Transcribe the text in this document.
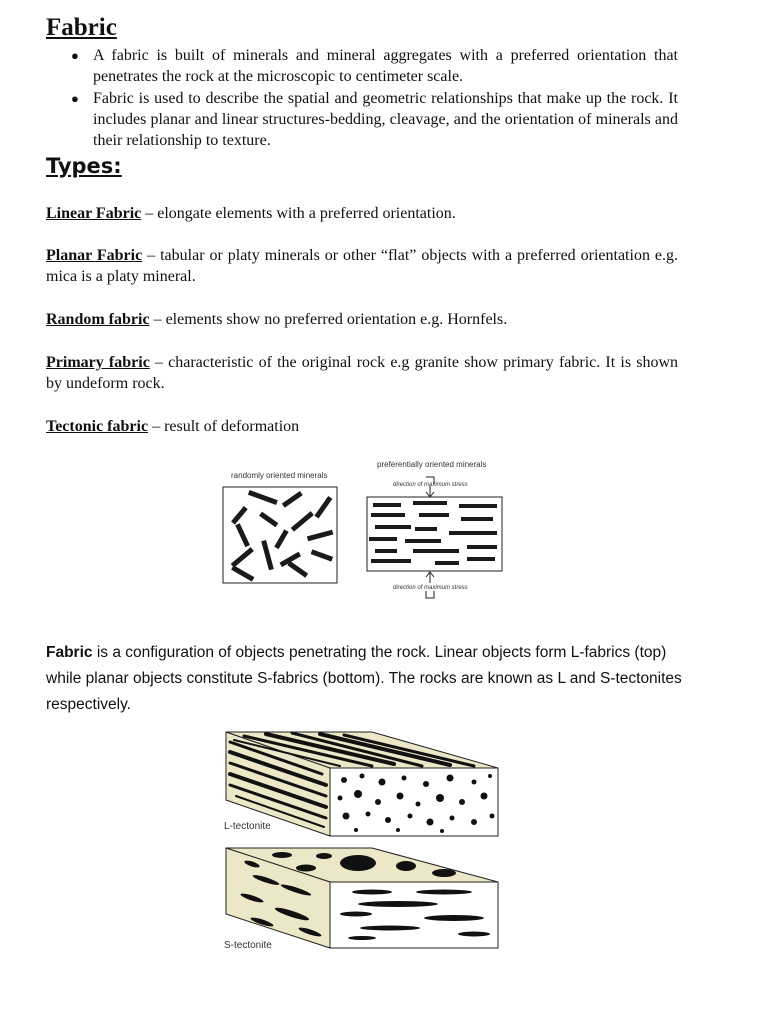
Fabric
● A fabric is built of minerals and mineral aggregates with a preferred orientation that penetrates the rock at the microscopic to centimeter scale.
● Fabric is used to describe the spatial and geometric relationships that make up the rock. It includes planar and linear structures-bedding, cleavage, and the orientation of minerals and their relationship to texture.
Types:

Linear Fabric – elongate elements with a preferred orientation.

Planar Fabric – tabular or platy minerals or other “flat” objects with a preferred orientation e.g. mica is a platy mineral.

Random fabric – elements show no preferred orientation e.g. Hornfels.

Primary fabric – characteristic of the original rock e.g granite show primary fabric. It is shown by undeform rock.

Tectonic fabric – result of deformation

randomly oriented minerals
preferentially oriented minerals
direction of maximum stress
direction of maximum stress

Fabric is a configuration of objects penetrating the rock. Linear objects form L-fabrics (top) while planar objects constitute S-fabrics (bottom). The rocks are known as L and S-tectonites respectively.

L-tectonite
S-tectonite
